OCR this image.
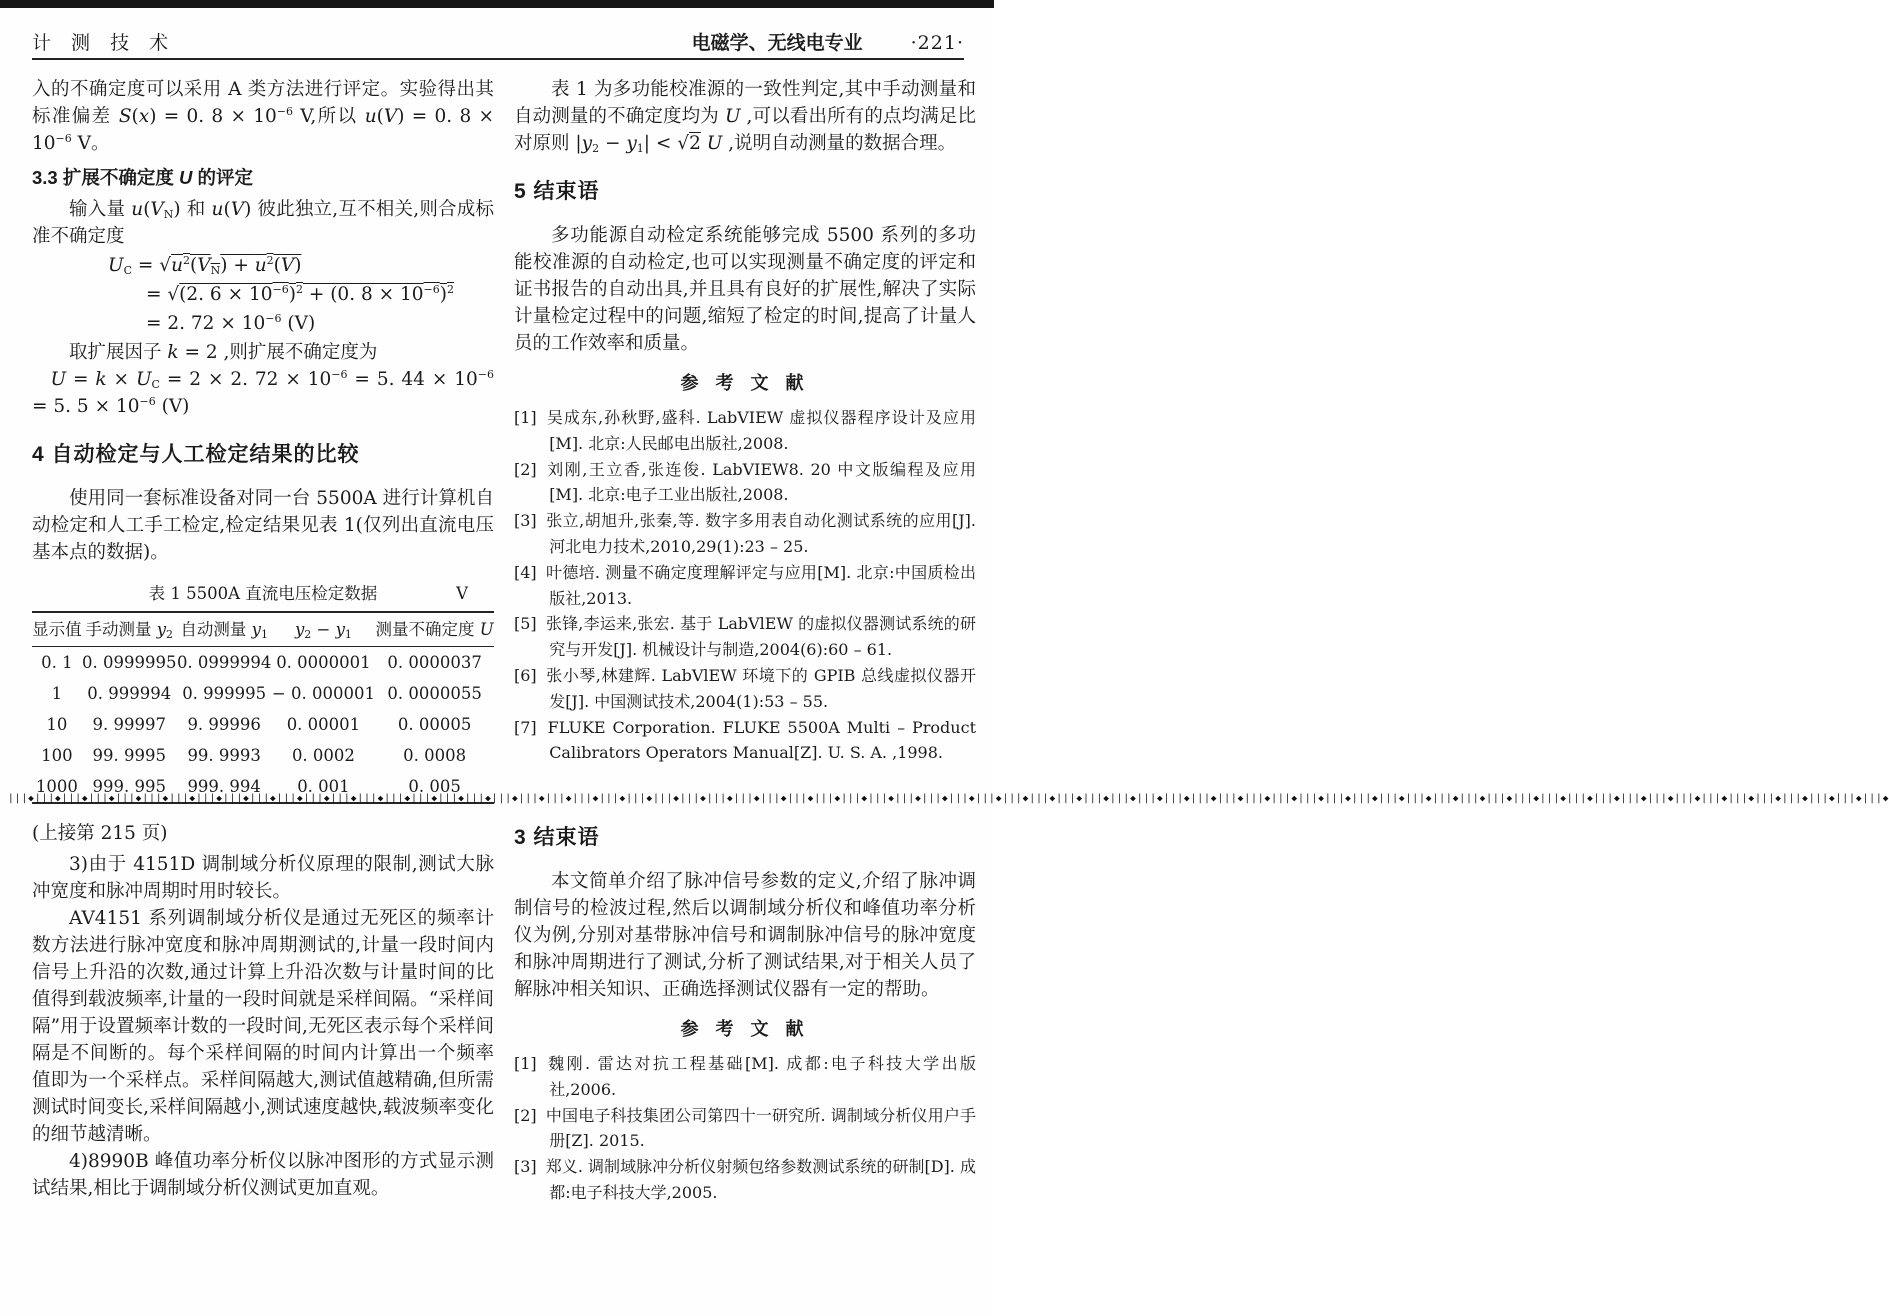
计 测 技 术	电磁学、无线电专业	·221·

入的不确定度可以采用 A 类方法进行评定。实验得出其标准偏差 S(x) = 0. $8 \times 10^{-6}$ V,所以 u(V) = 0. $8 \times 10^{-6}$ V。

3.3 扩展不确定度 U 的评定

输入量 $u(V_N)$ 和 u(V) 彼此独立,互不相关,则合成标准不确定度

$U_C = √u^2(V_N) + u^2(V)$
= √(2. $6 \times 10^{-6})^2 + (0$. $8 \times 10^{-6})^2$
= 2. $72 \times 10^{-6}$ (V)

取扩展因子 k = 2 ,则扩展不确定度为

$U = k \times U_C = 2 \times 2$. $72 \times 10^{-6} = 5$. $44 \times 10^{-6} = 5$. $5 \times 10^{-6}$ (V)

4 自动检定与人工检定结果的比较

使用同一套标准设备对同一台 5500A 进行计算机自动检定和人工手工检定,检定结果见表 1(仅列出直流电压基本点的数据)。

表 1 5500A 直流电压检定数据	V
显示值	手动测量 $y_2$	自动测量 $y_1$	$y_2 - y_1$	测量不确定度 U
0. 1	0. 0999995	0. 0999994	0. 0000001	0. 0000037
1	0. 999994	0. 999995	− 0. 000001	0. 0000055
10	9. 99997	9. 99996	0. 00001	0. 00005
100	99. 9995	99. 9993	0. 0002	0. 0008
1000	999. 995	999. 994	0. 001	0. 005

表 1 为多功能校准源的一致性判定,其中手动测量和自动测量的不确定度均为 U ,可以看出所有的点均满足比对原则 $|y_2 - y_1| < √2$ U ,说明自动测量的数据合理。

5 结束语

多功能源自动检定系统能够完成 5500 系列的多功能校准源的自动检定,也可以实现测量不确定度的评定和证书报告的自动出具,并且具有良好的扩展性,解决了实际计量检定过程中的问题,缩短了检定的时间,提高了计量人员的工作效率和质量。

参 考 文 献
[1] 吴成东,孙秋野,盛科. LabVIEW 虚拟仪器程序设计及应用[M]. 北京:人民邮电出版社,2008.
[2] 刘刚,王立香,张连俊. LabVIEW8. 20 中文版编程及应用[M]. 北京:电子工业出版社,2008.
[3] 张立,胡旭升,张秦,等. 数字多用表自动化测试系统的应用[J]. 河北电力技术,2010,29(1):23 – 25.
[4] 叶德培. 测量不确定度理解评定与应用[M]. 北京:中国质检出版社,2013.
[5] 张锋,李运来,张宏. 基于 LabVlEW 的虚拟仪器测试系统的研究与开发[J]. 机械设计与制造,2004(6):60 – 61.
[6] 张小琴,林建辉. LabVlEW 环境下的 GPIB 总线虚拟仪器开发[J]. 中国测试技术,2004(1):53 – 55.
[7] FLUKE Corporation. FLUKE 5500A Multi – Product Calibrators Operators Manual[Z]. U. S. A. ,1998.
|||◆|||◆|||◆|||◆|||◆|||◆|||◆|||◆|||◆|||◆|||◆|||◆|||◆|||◆|||◆|||◆|||◆|||◆|||◆|||◆|||◆|||◆|||◆|||◆|||◆|||◆|||◆|||◆|||◆|||◆|||◆|||◆|||◆|||◆|||◆|||◆|||◆|||◆|||◆|||◆|||◆|||◆|||◆|||◆|||◆|||◆|||◆|||◆|||◆|||◆|||◆|||◆|||◆|||◆|||◆|||◆|||◆|||◆|||◆|||◆|||◆|||◆|||◆|||◆|||◆|||◆|||◆|||◆|||◆|||◆

(上接第 215 页)

3)由于 4151D 调制域分析仪原理的限制,测试大脉冲宽度和脉冲周期时用时较长。

AV4151 系列调制域分析仪是通过无死区的频率计数方法进行脉冲宽度和脉冲周期测试的,计量一段时间内信号上升沿的次数,通过计算上升沿次数与计量时间的比值得到载波频率,计量的一段时间就是采样间隔。“采样间隔”用于设置频率计数的一段时间,无死区表示每个采样间隔是不间断的。每个采样间隔的时间内计算出一个频率值即为一个采样点。采样间隔越大,测试值越精确,但所需测试时间变长,采样间隔越小,测试速度越快,载波频率变化的细节越清晰。

4)8990B 峰值功率分析仪以脉冲图形的方式显示测试结果,相比于调制域分析仪测试更加直观。

3 结束语

本文简单介绍了脉冲信号参数的定义,介绍了脉冲调制信号的检波过程,然后以调制域分析仪和峰值功率分析仪为例,分别对基带脉冲信号和调制脉冲信号的脉冲宽度和脉冲周期进行了测试,分析了测试结果,对于相关人员了解脉冲相关知识、正确选择测试仪器有一定的帮助。

参 考 文 献
[1] 魏刚. 雷达对抗工程基础[M]. 成都:电子科技大学出版社,2006.
[2] 中国电子科技集团公司第四十一研究所. 调制域分析仪用户手册[Z]. 2015.
[3] 郑义. 调制域脉冲分析仪射频包络参数测试系统的研制[D]. 成都:电子科技大学,2005.
